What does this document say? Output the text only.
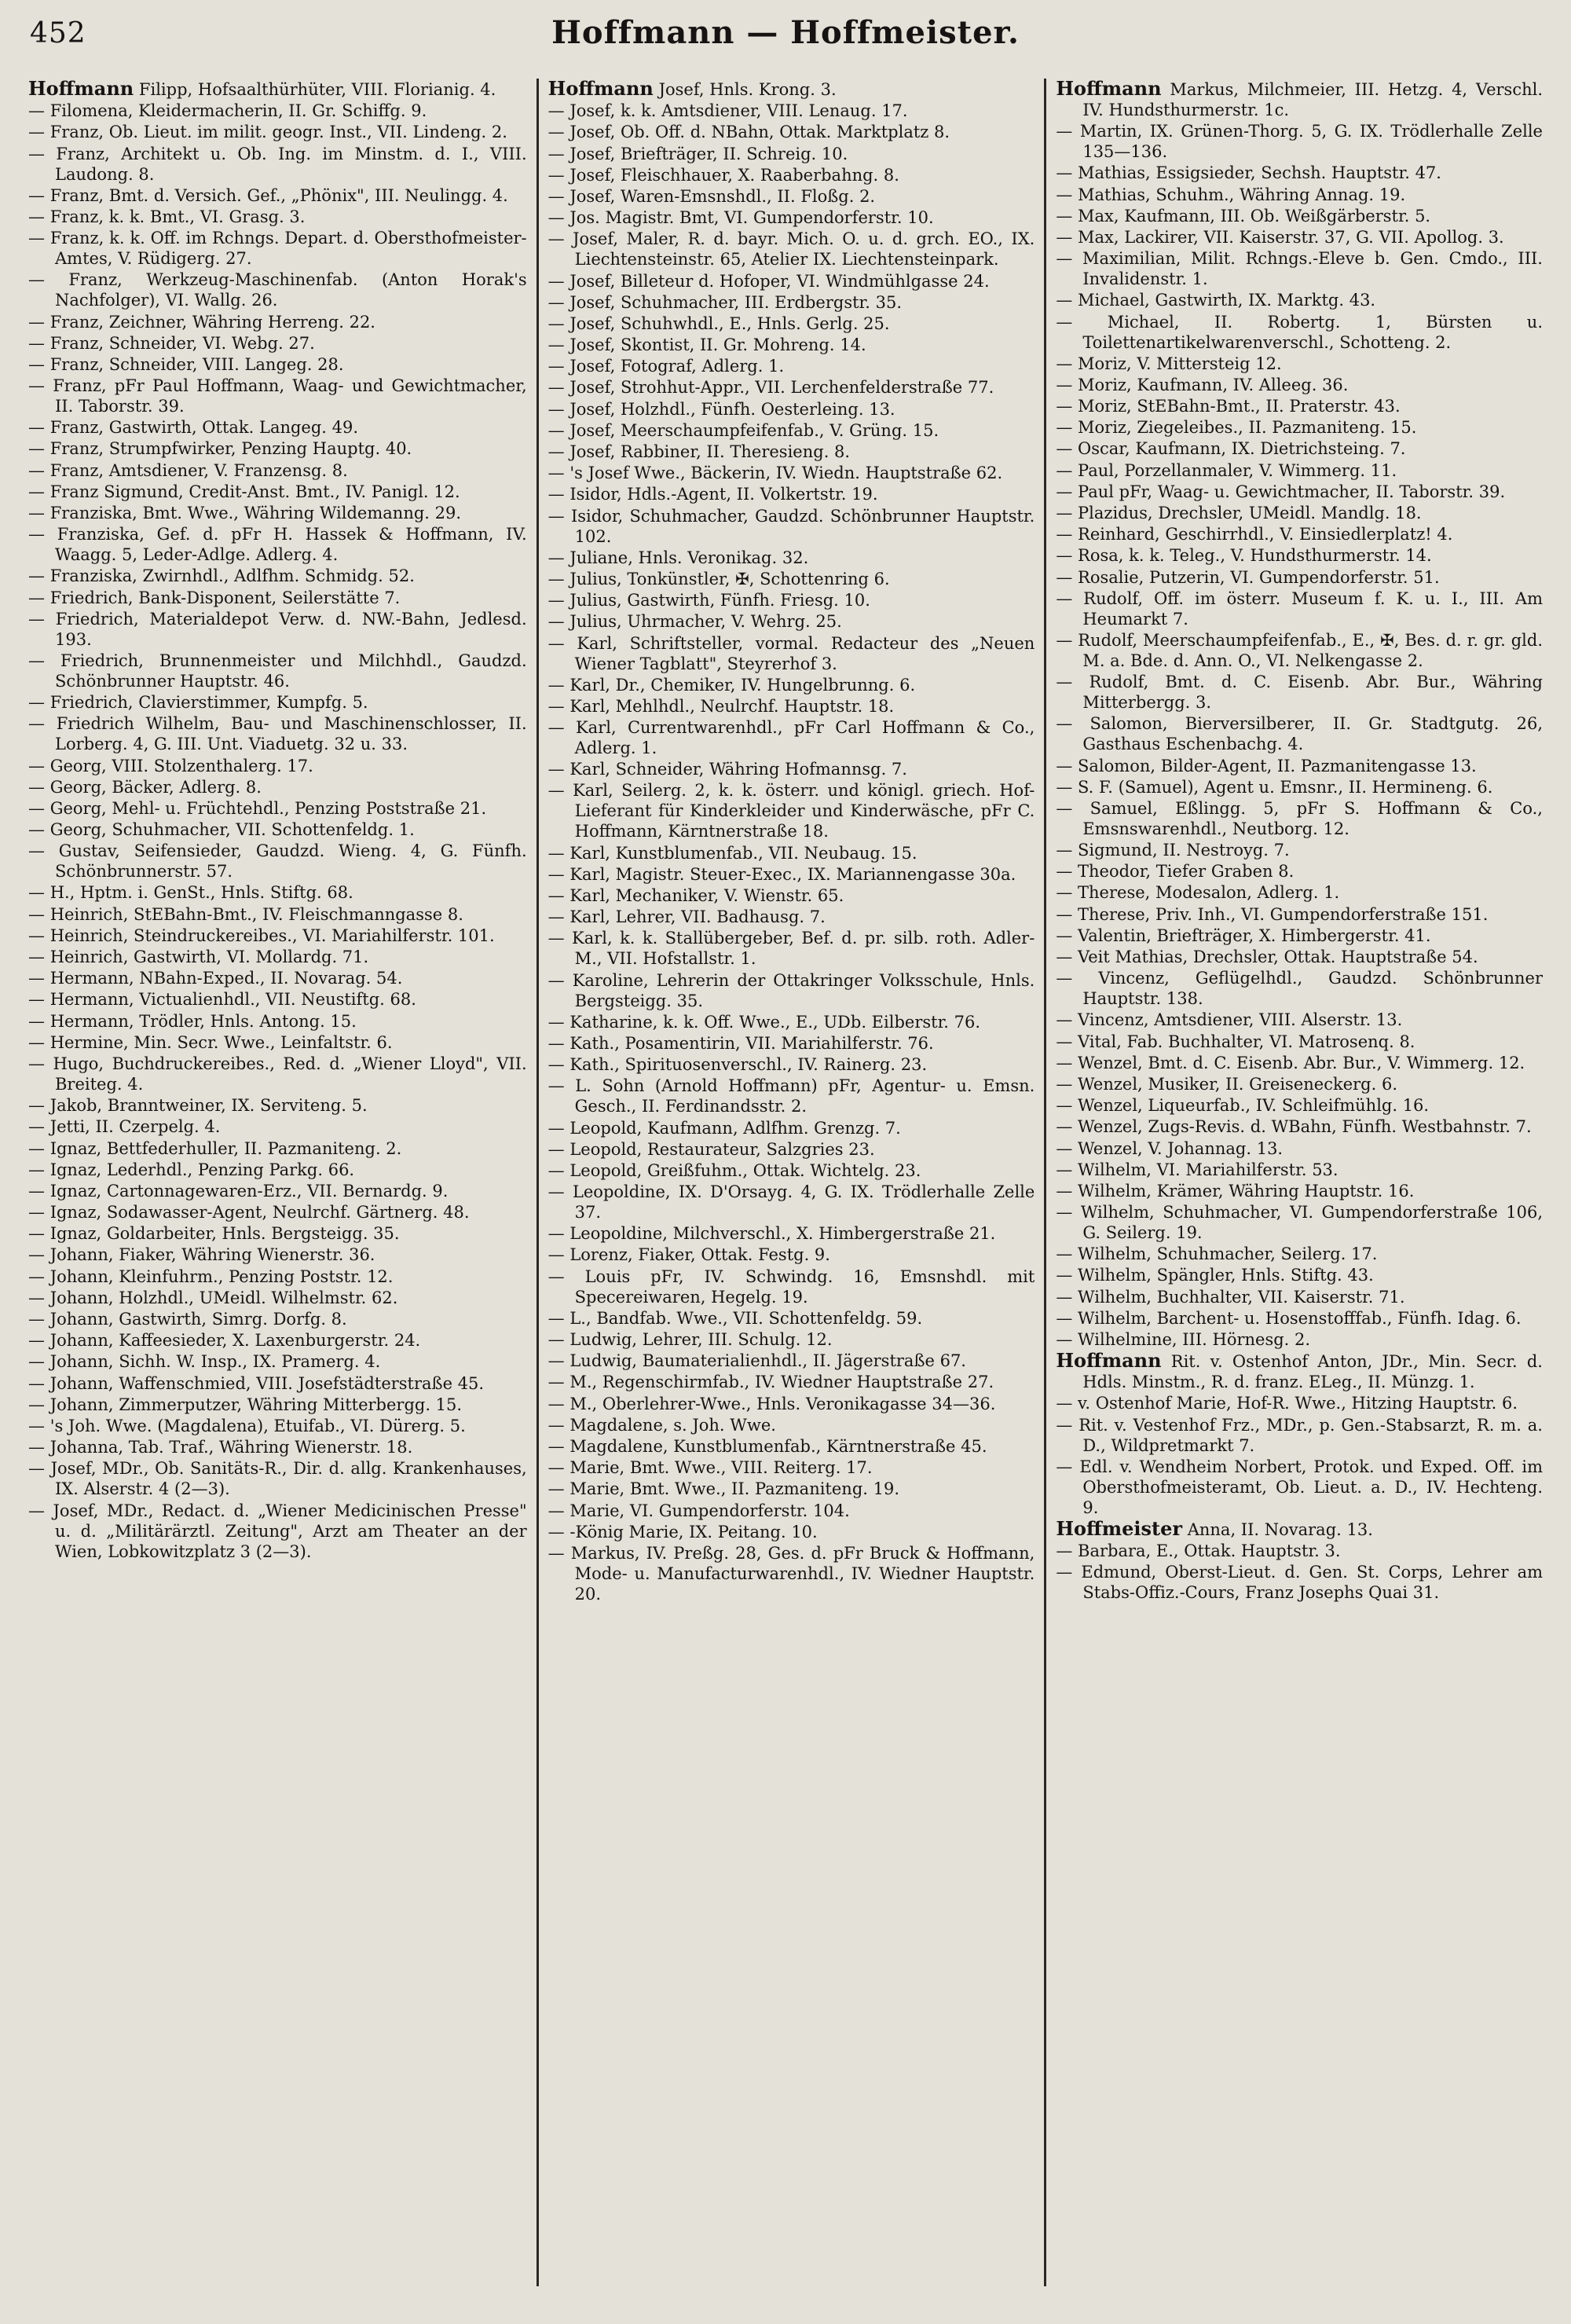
452	Hoffmann — Hoffmeister.
Hoffmann Filipp, Hofsaalthürhüter, VIII. Florianig. 4.
— Filomena, Kleidermacherin, II. Gr. Schiffg. 9.
— Franz, Ob. Lieut. im milit. geogr. Inst., VII. Lindeng. 2.
— Franz, Architekt u. Ob. Ing. im Minstm. d. I., VIII. Laudong. 8.
— Franz, Bmt. d. Versich. Gef., „Phönix", III. Neulingg. 4.
— Franz, k. k. Bmt., VI. Grasg. 3.
— Franz, k. k. Off. im Rchngs. Depart. d. Obersthofmeister-Amtes, V. Rüdigerg. 27.
— Franz, Werkzeug-Maschinenfab. (Anton Horak's Nachfolger), VI. Wallg. 26.
— Franz, Zeichner, Währing Herreng. 22.
— Franz, Schneider, VI. Webg. 27.
— Franz, Schneider, VIII. Langeg. 28.
— Franz, pFr Paul Hoffmann, Waag- und Gewichtmacher, II. Taborstr. 39.
— Franz, Gastwirth, Ottak. Langeg. 49.
— Franz, Strumpfwirker, Penzing Hauptg. 40.
— Franz, Amtsdiener, V. Franzensg. 8.
— Franz Sigmund, Credit-Anst. Bmt., IV. Panigl. 12.
— Franziska, Bmt. Wwe., Währing Wildemanng. 29.
— Franziska, Gef. d. pFr H. Hassek & Hoffmann, IV. Waagg. 5, Leder-Adlge. Adlerg. 4.
— Franziska, Zwirnhdl., Adlfhm. Schmidg. 52.
— Friedrich, Bank-Disponent, Seilerstätte 7.
— Friedrich, Materialdepot Verw. d. NW.-Bahn, Jedlesd. 193.
— Friedrich, Brunnenmeister und Milchhdl., Gaudzd. Schönbrunner Hauptstr. 46.
— Friedrich, Clavierstimmer, Kumpfg. 5.
— Friedrich Wilhelm, Bau- und Maschinenschlosser, II. Lorberg. 4, G. III. Unt. Viaduetg. 32 u. 33.
— Georg, VIII. Stolzenthalerg. 17.
— Georg, Bäcker, Adlerg. 8.
— Georg, Mehl- u. Früchtehdl., Penzing Poststraße 21.
— Georg, Schuhmacher, VII. Schottenfeldg. 1.
— Gustav, Seifensieder, Gaudzd. Wieng. 4, G. Fünfh. Schönbrunnerstr. 57.
— H., Hptm. i. GenSt., Hnls. Stiftg. 68.
— Heinrich, StEBahn-Bmt., IV. Fleischmanngasse 8.
— Heinrich, Steindruckereibes., VI. Mariahilferstr. 101.
— Heinrich, Gastwirth, VI. Mollardg. 71.
— Hermann, NBahn-Exped., II. Novarag. 54.
— Hermann, Victualienhdl., VII. Neustiftg. 68.
— Hermann, Trödler, Hnls. Antong. 15.
— Hermine, Min. Secr. Wwe., Leinfaltstr. 6.
— Hugo, Buchdruckereibes., Red. d. „Wiener Lloyd", VII. Breiteg. 4.
— Jakob, Branntweiner, IX. Serviteng. 5.
— Jetti, II. Czerpelg. 4.
— Ignaz, Bettfederhuller, II. Pazmaniteng. 2.
— Ignaz, Lederhdl., Penzing Parkg. 66.
— Ignaz, Cartonnagewaren-Erz., VII. Bernardg. 9.
— Ignaz, Sodawasser-Agent, Neulrchf. Gärtnerg. 48.
— Ignaz, Goldarbeiter, Hnls. Bergsteigg. 35.
— Johann, Fiaker, Währing Wienerstr. 36.
— Johann, Kleinfuhrm., Penzing Poststr. 12.
— Johann, Holzhdl., UMeidl. Wilhelmstr. 62.
— Johann, Gastwirth, Simrg. Dorfg. 8.
— Johann, Kaffeesieder, X. Laxenburgerstr. 24.
— Johann, Sichh. W. Insp., IX. Pramerg. 4.
— Johann, Waffenschmied, VIII. Josefstädterstraße 45.
— Johann, Zimmerputzer, Währing Mitterbergg. 15.
— 's Joh. Wwe. (Magdalena), Etuifab., VI. Dürerg. 5.
— Johanna, Tab. Traf., Währing Wienerstr. 18.
— Josef, MDr., Ob. Sanitäts-R., Dir. d. allg. Krankenhauses, IX. Alserstr. 4 (2—3).
— Josef, MDr., Redact. d. „Wiener Medicinischen Presse" u. d. „Militärärztl. Zeitung", Arzt am Theater an der Wien, Lobkowitzplatz 3 (2—3).
Hoffmann Josef, Hnls. Krong. 3.
— Josef, k. k. Amtsdiener, VIII. Lenaug. 17.
— Josef, Ob. Off. d. NBahn, Ottak. Marktplatz 8.
— Josef, Briefträger, II. Schreig. 10.
— Josef, Fleischhauer, X. Raaberbahng. 8.
— Josef, Waren-Emsnshdl., II. Floßg. 2.
— Jos. Magistr. Bmt, VI. Gumpendorferstr. 10.
— Josef, Maler, R. d. bayr. Mich. O. u. d. grch. EO., IX. Liechtensteinstr. 65, Atelier IX. Liechtensteinpark.
— Josef, Billeteur d. Hofoper, VI. Windmühlgasse 24.
— Josef, Schuhmacher, III. Erdbergstr. 35.
— Josef, Schuhwhdl., E., Hnls. Gerlg. 25.
— Josef, Skontist, II. Gr. Mohreng. 14.
— Josef, Fotograf, Adlerg. 1.
— Josef, Strohhut-Appr., VII. Lerchenfelderstraße 77.
— Josef, Holzhdl., Fünfh. Oesterleing. 13.
— Josef, Meerschaumpfeifenfab., V. Grüng. 15.
— Josef, Rabbiner, II. Theresieng. 8.
— 's Josef Wwe., Bäckerin, IV. Wiedn. Hauptstraße 62.
— Isidor, Hdls.-Agent, II. Volkertstr. 19.
— Isidor, Schuhmacher, Gaudzd. Schönbrunner Hauptstr. 102.
— Juliane, Hnls. Veronikag. 32.
— Julius, Tonkünstler, ✠, Schottenring 6.
— Julius, Gastwirth, Fünfh. Friesg. 10.
— Julius, Uhrmacher, V. Wehrg. 25.
— Karl, Schriftsteller, vormal. Redacteur des „Neuen Wiener Tagblatt", Steyrerhof 3.
— Karl, Dr., Chemiker, IV. Hungelbrunng. 6.
— Karl, Mehlhdl., Neulrchf. Hauptstr. 18.
— Karl, Currentwarenhdl., pFr Carl Hoffmann & Co., Adlerg. 1.
— Karl, Schneider, Währing Hofmannsg. 7.
— Karl, Seilerg. 2, k. k. österr. und königl. griech. Hof-Lieferant für Kinderkleider und Kinderwäsche, pFr C. Hoffmann, Kärntnerstraße 18.
— Karl, Kunstblumenfab., VII. Neubaug. 15.
— Karl, Magistr. Steuer-Exec., IX. Mariannengasse 30a.
— Karl, Mechaniker, V. Wienstr. 65.
— Karl, Lehrer, VII. Badhausg. 7.
— Karl, k. k. Stallübergeber, Bef. d. pr. silb. roth. Adler-M., VII. Hofstallstr. 1.
— Karoline, Lehrerin der Ottakringer Volksschule, Hnls. Bergsteigg. 35.
— Katharine, k. k. Off. Wwe., E., UDb. Eilberstr. 76.
— Kath., Posamentirin, VII. Mariahilferstr. 76.
— Kath., Spirituosenverschl., IV. Rainerg. 23.
— L. Sohn (Arnold Hoffmann) pFr, Agentur- u. Emsn. Gesch., II. Ferdinandsstr. 2.
— Leopold, Kaufmann, Adlfhm. Grenzg. 7.
— Leopold, Restaurateur, Salzgries 23.
— Leopold, Greißfuhm., Ottak. Wichtelg. 23.
— Leopoldine, IX. D'Orsayg. 4, G. IX. Trödlerhalle Zelle 37.
— Leopoldine, Milchverschl., X. Himbergerstraße 21.
— Lorenz, Fiaker, Ottak. Festg. 9.
— Louis pFr, IV. Schwindg. 16, Emsnshdl. mit Specereiwaren, Hegelg. 19.
— L., Bandfab. Wwe., VII. Schottenfeldg. 59.
— Ludwig, Lehrer, III. Schulg. 12.
— Ludwig, Baumaterialienhdl., II. Jägerstraße 67.
— M., Regenschirmfab., IV. Wiedner Hauptstraße 27.
— M., Oberlehrer-Wwe., Hnls. Veronikagasse 34—36.
— Magdalene, s. Joh. Wwe.
— Magdalene, Kunstblumenfab., Kärntnerstraße 45.
— Marie, Bmt. Wwe., VIII. Reiterg. 17.
— Marie, Bmt. Wwe., II. Pazmaniteng. 19.
— Marie, VI. Gumpendorferstr. 104.
— -König Marie, IX. Peitang. 10.
— Markus, IV. Preßg. 28, Ges. d. pFr Bruck & Hoffmann, Mode- u. Manufacturwarenhdl., IV. Wiedner Hauptstr. 20.
Hoffmann Markus, Milchmeier, III. Hetzg. 4, Verschl. IV. Hundsthurmerstr. 1c.
— Martin, IX. Grünen-Thorg. 5, G. IX. Trödlerhalle Zelle 135—136.
— Mathias, Essigsieder, Sechsh. Hauptstr. 47.
— Mathias, Schuhm., Währing Annag. 19.
— Max, Kaufmann, III. Ob. Weißgärberstr. 5.
— Max, Lackirer, VII. Kaiserstr. 37, G. VII. Apollog. 3.
— Maximilian, Milit. Rchngs.-Eleve b. Gen. Cmdo., III. Invalidenstr. 1.
— Michael, Gastwirth, IX. Marktg. 43.
— Michael, II. Robertg. 1, Bürsten u. Toilettenartikelwarenverschl., Schotteng. 2.
— Moriz, V. Mittersteig 12.
— Moriz, Kaufmann, IV. Alleeg. 36.
— Moriz, StEBahn-Bmt., II. Praterstr. 43.
— Moriz, Ziegeleibes., II. Pazmaniteng. 15.
— Oscar, Kaufmann, IX. Dietrichsteing. 7.
— Paul, Porzellanmaler, V. Wimmerg. 11.
— Paul pFr, Waag- u. Gewichtmacher, II. Taborstr. 39.
— Plazidus, Drechsler, UMeidl. Mandlg. 18.
— Reinhard, Geschirrhdl., V. Einsiedlerplatz! 4.
— Rosa, k. k. Teleg., V. Hundsthurmerstr. 14.
— Rosalie, Putzerin, VI. Gumpendorferstr. 51.
— Rudolf, Off. im österr. Museum f. K. u. I., III. Am Heumarkt 7.
— Rudolf, Meerschaumpfeifenfab., E., ✠, Bes. d. r. gr. gld. M. a. Bde. d. Ann. O., VI. Nelkengasse 2.
— Rudolf, Bmt. d. C. Eisenb. Abr. Bur., Währing Mitterbergg. 3.
— Salomon, Bierversilberer, II. Gr. Stadtgutg. 26, Gasthaus Eschenbachg. 4.
— Salomon, Bilder-Agent, II. Pazmanitengasse 13.
— S. F. (Samuel), Agent u. Emsnr., II. Hermineng. 6.
— Samuel, Eßlingg. 5, pFr S. Hoffmann & Co., Emsnswarenhdl., Neutborg. 12.
— Sigmund, II. Nestroyg. 7.
— Theodor, Tiefer Graben 8.
— Therese, Modesalon, Adlerg. 1.
— Therese, Priv. Inh., VI. Gumpendorferstraße 151.
— Valentin, Briefträger, X. Himbergerstr. 41.
— Veit Mathias, Drechsler, Ottak. Hauptstraße 54.
— Vincenz, Geflügelhdl., Gaudzd. Schönbrunner Hauptstr. 138.
— Vincenz, Amtsdiener, VIII. Alserstr. 13.
— Vital, Fab. Buchhalter, VI. Matrosenq. 8.
— Wenzel, Bmt. d. C. Eisenb. Abr. Bur., V. Wimmerg. 12.
— Wenzel, Musiker, II. Greiseneckerg. 6.
— Wenzel, Liqueurfab., IV. Schleifmühlg. 16.
— Wenzel, Zugs-Revis. d. WBahn, Fünfh. Westbahnstr. 7.
— Wenzel, V. Johannag. 13.
— Wilhelm, VI. Mariahilferstr. 53.
— Wilhelm, Krämer, Währing Hauptstr. 16.
— Wilhelm, Schuhmacher, VI. Gumpendorferstraße 106, G. Seilerg. 19.
— Wilhelm, Schuhmacher, Seilerg. 17.
— Wilhelm, Spängler, Hnls. Stiftg. 43.
— Wilhelm, Buchhalter, VII. Kaiserstr. 71.
— Wilhelm, Barchent- u. Hosenstofffab., Fünfh. Idag. 6.
— Wilhelmine, III. Hörnesg. 2.
Hoffmann Rit. v. Ostenhof Anton, JDr., Min. Secr. d. Hdls. Minstm., R. d. franz. ELeg., II. Münzg. 1.
— v. Ostenhof Marie, Hof-R. Wwe., Hitzing Hauptstr. 6.
— Rit. v. Vestenhof Frz., MDr., p. Gen.-Stabsarzt, R. m. a. D., Wildpretmarkt 7.
— Edl. v. Wendheim Norbert, Protok. und Exped. Off. im Obersthofmeisteramt, Ob. Lieut. a. D., IV. Hechteng. 9.
Hoffmeister Anna, II. Novarag. 13.
— Barbara, E., Ottak. Hauptstr. 3.
— Edmund, Oberst-Lieut. d. Gen. St. Corps, Lehrer am Stabs-Offiz.-Cours, Franz Josephs Quai 31.
